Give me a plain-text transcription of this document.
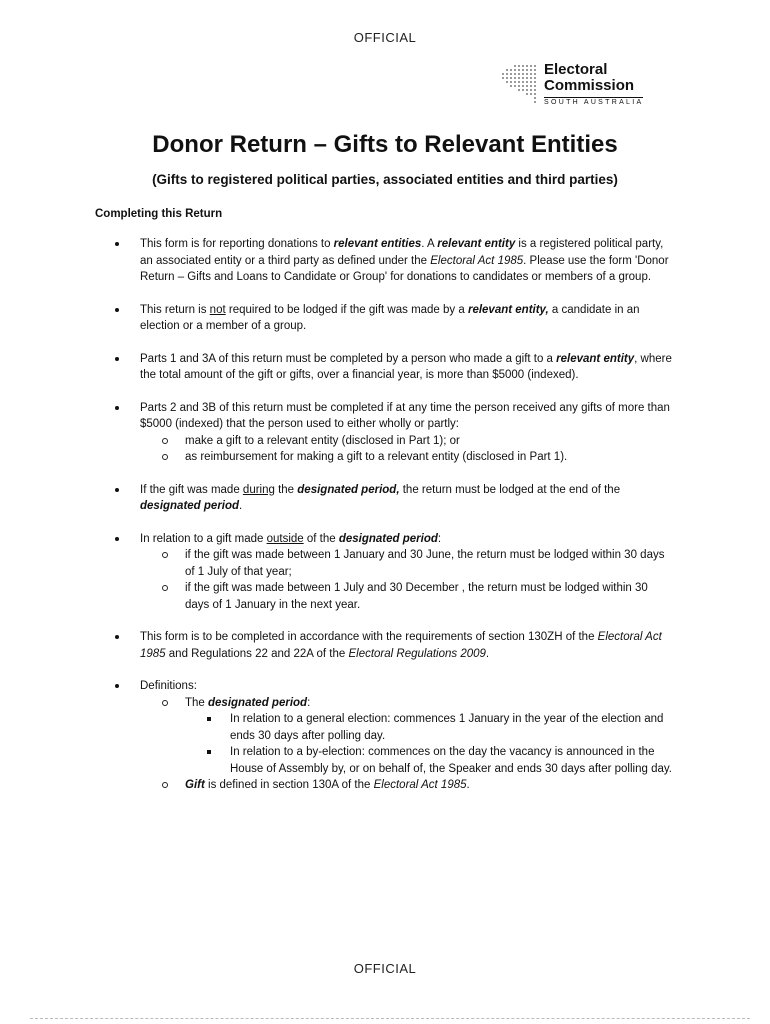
OFFICIAL
Electoral
Commission
SOUTH AUSTRALIA
Donor Return – Gifts to Relevant Entities
(Gifts to registered political parties, associated entities and third parties)
Completing this Return
This form is for reporting donations to relevant entities. A relevant entity is a registered political party, an associated entity or a third party as defined under the Electoral Act 1985. Please use the form 'Donor Return – Gifts and Loans to Candidate or Group' for donations to candidates or members of a group.
This return is not required to be lodged if the gift was made by a relevant entity, a candidate in an election or a member of a group.
Parts 1 and 3A of this return must be completed by a person who made a gift to a relevant entity, where the total amount of the gift or gifts, over a financial year, is more than $5000 (indexed).
Parts 2 and 3B of this return must be completed if at any time the person received any gifts of more than $5000 (indexed) that the person used to either wholly or partly:
make a gift to a relevant entity (disclosed in Part 1); or
as reimbursement for making a gift to a relevant entity (disclosed in Part 1).
If the gift was made during the designated period, the return must be lodged at the end of the designated period.
In relation to a gift made outside of the designated period:
if the gift was made between 1 January and 30 June, the return must be lodged within 30 days of 1 July of that year;
if the gift was made between 1 July and 30 December , the return must be lodged within 30 days of 1 January in the next year.
This form is to be completed in accordance with the requirements of section 130ZH of the Electoral Act 1985 and Regulations 22 and 22A of the Electoral Regulations 2009.
Definitions:
The designated period:
In relation to a general election: commences 1 January in the year of the election and ends 30 days after polling day.
In relation to a by-election: commences on the day the vacancy is announced in the House of Assembly by, or on behalf of, the Speaker and ends 30 days after polling day.
Gift is defined in section 130A of the Electoral Act 1985.
OFFICIAL
